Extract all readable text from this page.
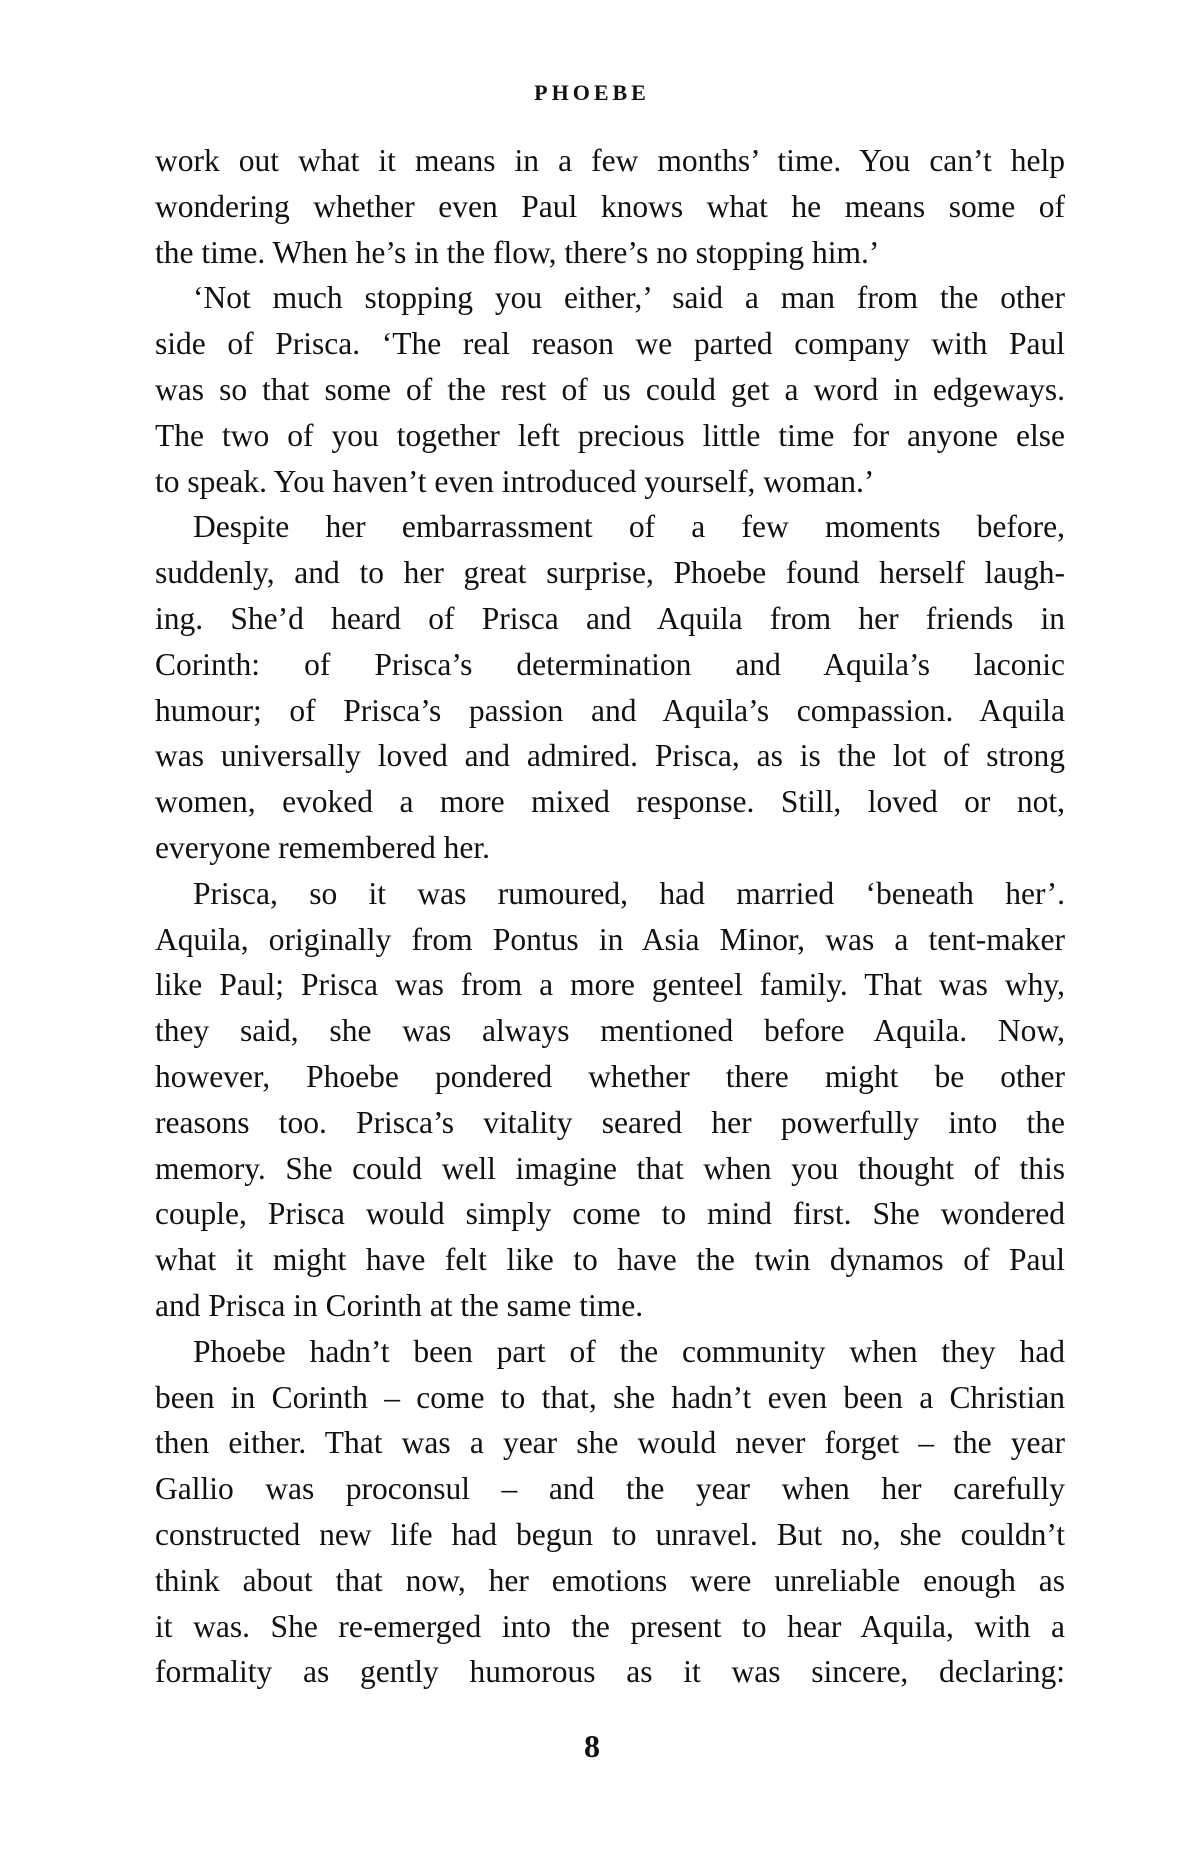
PHOEBE
work out what it means in a few months’ time. You can’t help
wondering whether even Paul knows what he means some of
the time. When he’s in the flow, there’s no stopping him.’
‘Not much stopping you either,’ said a man from the other
side of Prisca. ‘The real reason we parted company with Paul
was so that some of the rest of us could get a word in edgeways.
The two of you together left precious little time for anyone else
to speak. You haven’t even introduced yourself, woman.’
Despite her embarrassment of a few moments before,
suddenly, and to her great surprise, Phoebe found herself laugh-
ing. She’d heard of Prisca and Aquila from her friends in
Corinth: of Prisca’s determination and Aquila’s laconic
humour; of Prisca’s passion and Aquila’s compassion. Aquila
was universally loved and admired. Prisca, as is the lot of strong
women, evoked a more mixed response. Still, loved or not,
everyone remembered her.
Prisca, so it was rumoured, had married ‘beneath her’.
Aquila, originally from Pontus in Asia Minor, was a tent-maker
like Paul; Prisca was from a more genteel family. That was why,
they said, she was always mentioned before Aquila. Now,
however, Phoebe pondered whether there might be other
reasons too. Prisca’s vitality seared her powerfully into the
memory. She could well imagine that when you thought of this
couple, Prisca would simply come to mind first. She wondered
what it might have felt like to have the twin dynamos of Paul
and Prisca in Corinth at the same time.
Phoebe hadn’t been part of the community when they had
been in Corinth – come to that, she hadn’t even been a Christian
then either. That was a year she would never forget – the year
Gallio was proconsul – and the year when her carefully
constructed new life had begun to unravel. But no, she couldn’t
think about that now, her emotions were unreliable enough as
it was. She re-emerged into the present to hear Aquila, with a
formality as gently humorous as it was sincere, declaring:
8
